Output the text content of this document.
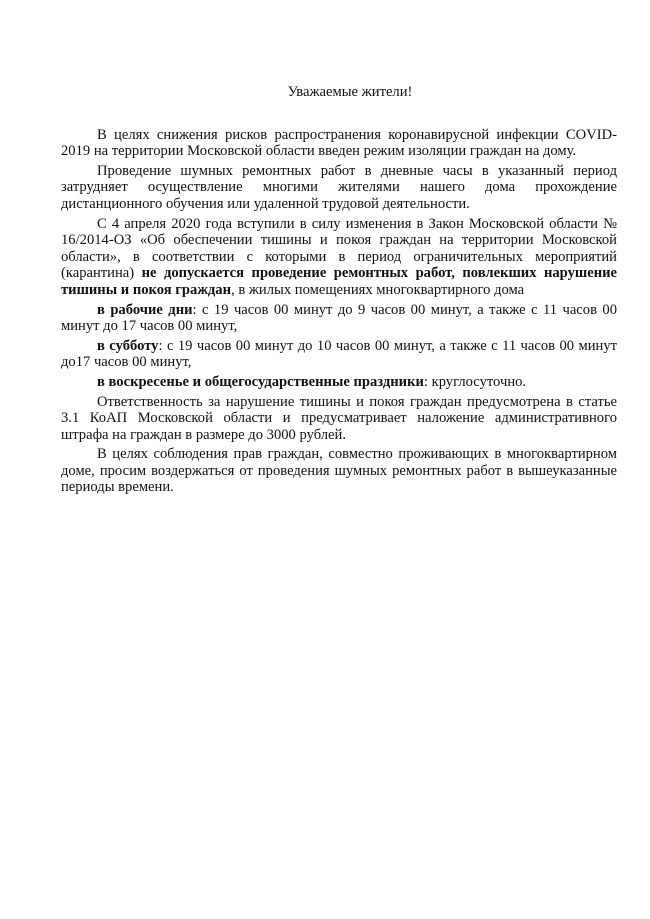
Уважаемые жители!

В целях снижения рисков распространения коронавирусной инфекции COVID-2019 на территории Московской области введен режим изоляции граждан на дому.

Проведение шумных ремонтных работ в дневные часы в указанный период затрудняет осуществление многими жителями нашего дома прохождение дистанционного обучения или удаленной трудовой деятельности.

С 4 апреля 2020 года вступили в силу изменения в Закон Московской области № 16/2014-ОЗ «Об обеспечении тишины и покоя граждан на территории Московской области», в соответствии с которыми в период ограничительных мероприятий (карантина) не допускается проведение ремонтных работ, повлекших нарушение тишины и покоя граждан, в жилых помещениях многоквартирного дома

в рабочие дни: с 19 часов 00 минут до 9 часов 00 минут, а также с 11 часов 00 минут до 17 часов 00 минут,

в субботу: с 19 часов 00 минут до 10 часов 00 минут, а также с 11 часов 00 минут до17 часов 00 минут,

в воскресенье и общегосударственные праздники: круглосуточно.

Ответственность за нарушение тишины и покоя граждан предусмотрена в статье 3.1 КоАП Московской области и предусматривает наложение административного штрафа на граждан в размере до 3000 рублей.

В целях соблюдения прав граждан, совместно проживающих в многоквартирном доме, просим воздержаться от проведения шумных ремонтных работ в вышеуказанные периоды времени.
